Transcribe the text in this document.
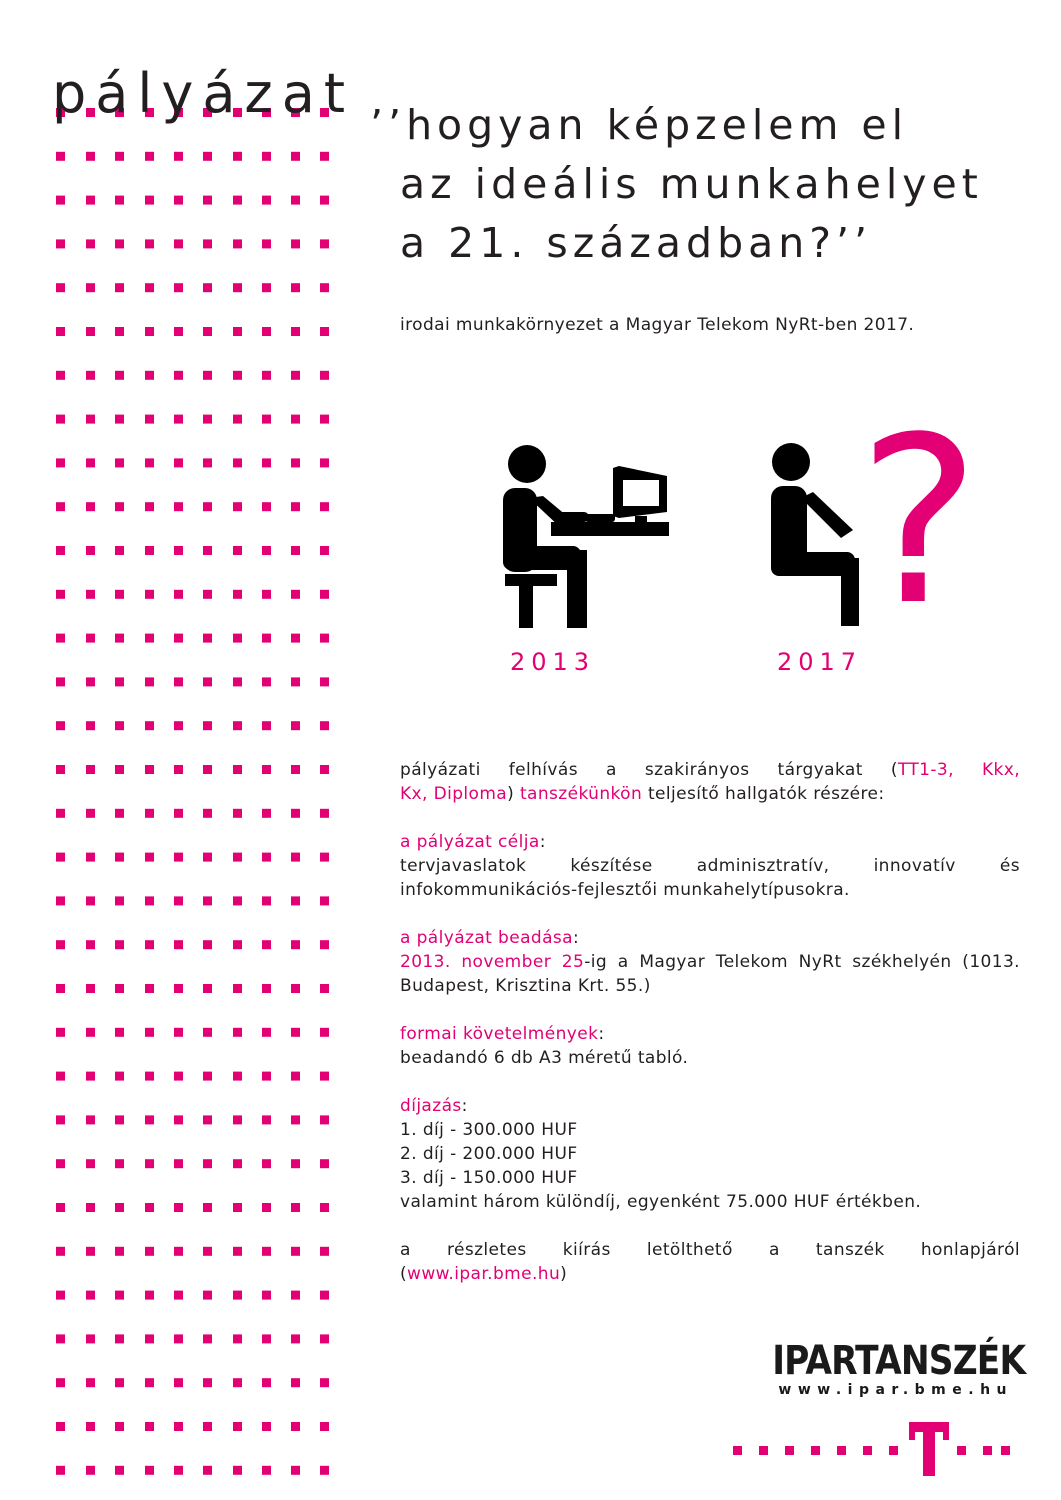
pályázat ’’hogyan képzelem el
az ideális munkahelyet
a 21. században?’’
irodai munkakörnyezet a Magyar Telekom NyRt-ben 2017.
?
2013	2017

pályázati felhívás a szakirányos tárgyakat (TT1-3, Kkx,
Kx, Diploma) tanszékünkön teljesítő hallgatók részére:

a pályázat célja:
tervjavaslatok készítése adminisztratív, innovatív és
infokommunikációs-fejlesztői munkahelytípusokra.

a pályázat beadása:
2013. november 25-ig a Magyar Telekom NyRt székhelyén (1013.
Budapest, Krisztina Krt. 55.)

formai követelmények:
beadandó 6 db A3 méretű tabló.

díjazás:
1. díj - 300.000 HUF
2. díj - 200.000 HUF
3. díj - 150.000 HUF
valamint három különdíj, egyenként 75.000 HUF értékben.

a részletes kiírás letölthető a tanszék honlapjáról
(www.ipar.bme.hu)

IPARTANSZÉK
www.ipar.bme.hu
